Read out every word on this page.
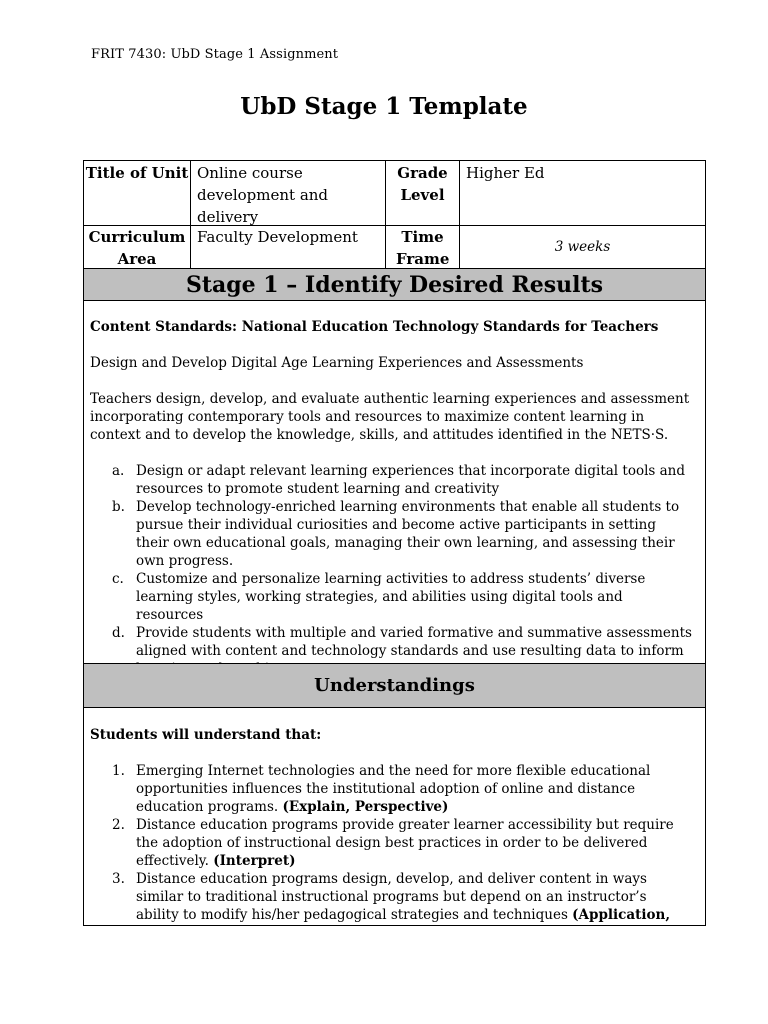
FRIT 7430: UbD Stage 1 Assignment
UbD Stage 1 Template
Title of Unit Online course development and delivery
Grade Level
Higher Ed
Curriculum Area
Faculty Development	Time Frame
3 weeks
Stage 1 – Identify Desired Results

Content Standards: National Education Technology Standards for Teachers

Design and Develop Digital Age Learning Experiences and Assessments

Teachers design, develop, and evaluate authentic learning experiences and assessment incorporating contemporary tools and resources to maximize content learning in context and to develop the knowledge, skills, and attitudes identified in the NETS·S.

a. Design or adapt relevant learning experiences that incorporate digital tools and resources to promote student learning and creativity
b. Develop technology-enriched learning environments that enable all students to pursue their individual curiosities and become active participants in setting their own educational goals, managing their own learning, and assessing their own progress.
c. Customize and personalize learning activities to address students’ diverse learning styles, working strategies, and abilities using digital tools and resources
d. Provide students with multiple and varied formative and summative assessments aligned with content and technology standards and use resulting data to inform
Understandings

Students will understand that:

1. Emerging Internet technologies and the need for more flexible educational opportunities influences the institutional adoption of online and distance education programs. (Explain, Perspective)
2. Distance education programs provide greater learner accessibility but require the adoption of instructional design best practices in order to be delivered effectively. (Interpret)
3. Distance education programs design, develop, and deliver content in ways similar to traditional instructional programs but depend on an instructor’s ability to modify his/her pedagogical strategies and techniques (Application,
